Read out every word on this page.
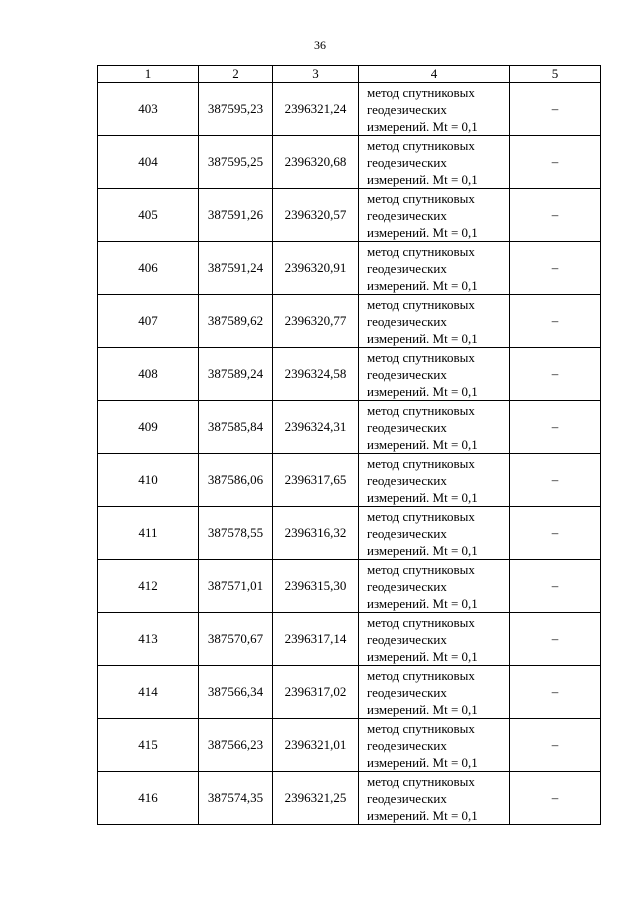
36
1	2	3	4	5
403	387595,23	2396321,24	метод спутниковых
геодезических
измерений. Mt = 0,1	–
404	387595,25	2396320,68	метод спутниковых
геодезических
измерений. Mt = 0,1	–
405	387591,26	2396320,57	метод спутниковых
геодезических
измерений. Mt = 0,1	–
406	387591,24	2396320,91	метод спутниковых
геодезических
измерений. Mt = 0,1	–
407	387589,62	2396320,77	метод спутниковых
геодезических
измерений. Mt = 0,1	–
408	387589,24	2396324,58	метод спутниковых
геодезических
измерений. Mt = 0,1	–
409	387585,84	2396324,31	метод спутниковых
геодезических
измерений. Mt = 0,1	–
410	387586,06	2396317,65	метод спутниковых
геодезических
измерений. Mt = 0,1	–
411	387578,55	2396316,32	метод спутниковых
геодезических
измерений. Mt = 0,1	–
412	387571,01	2396315,30	метод спутниковых
геодезических
измерений. Mt = 0,1	–
413	387570,67	2396317,14	метод спутниковых
геодезических
измерений. Mt = 0,1	–
414	387566,34	2396317,02	метод спутниковых
геодезических
измерений. Mt = 0,1	–
415	387566,23	2396321,01	метод спутниковых
геодезических
измерений. Mt = 0,1	–
416	387574,35	2396321,25	метод спутниковых
геодезических
измерений. Mt = 0,1	–
